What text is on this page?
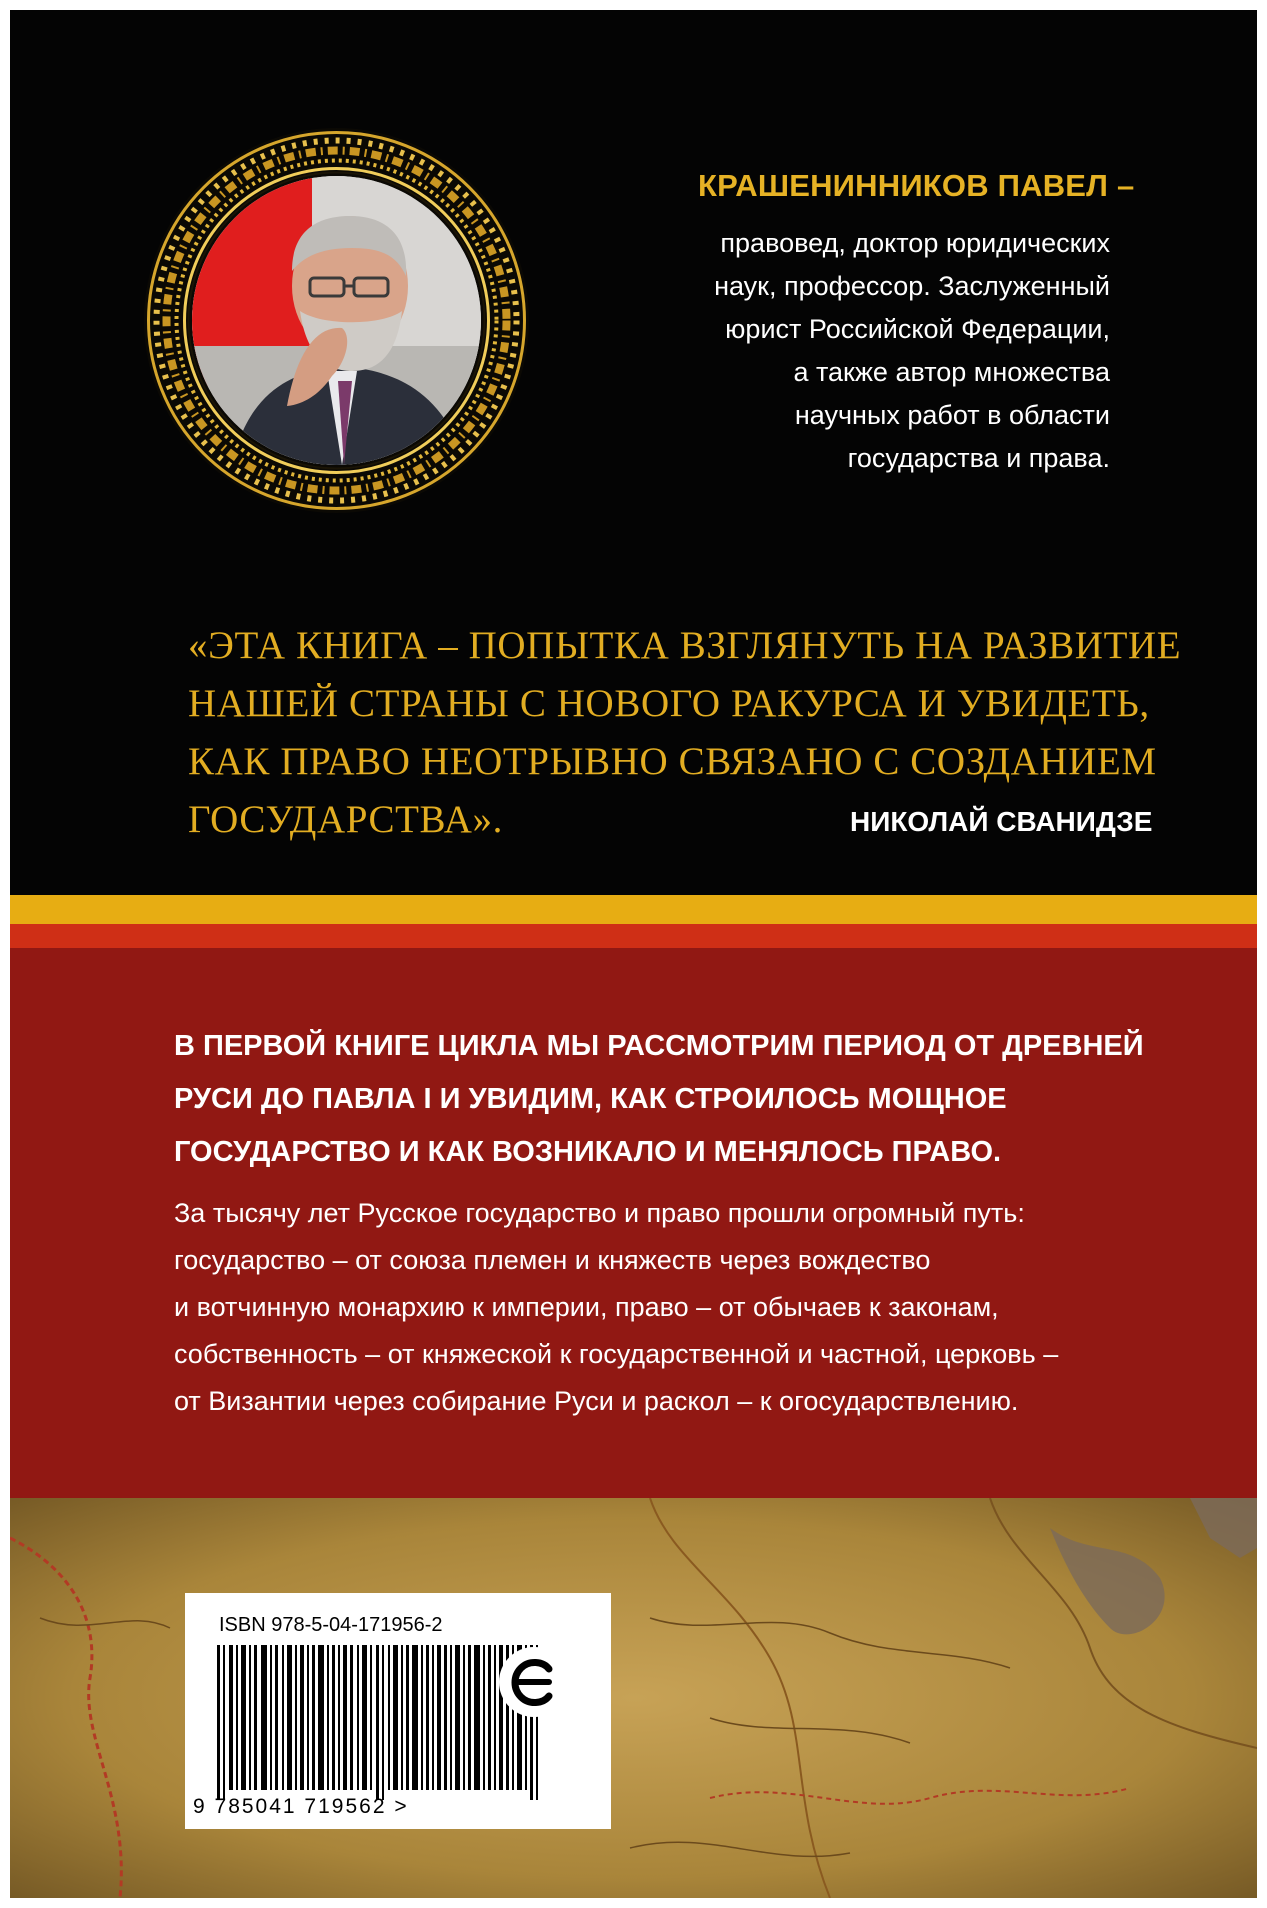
КРАШЕНИННИКОВ ПАВЕЛ –
правовед, доктор юридических
наук, профессор. Заслуженный
юрист Российской Федерации,
а также автор множества
научных работ в области
государства и права.
«ЭТА КНИГА – ПОПЫТКА ВЗГЛЯНУТЬ НА РАЗВИТИЕ
НАШЕЙ СТРАНЫ С НОВОГО РАКУРСА И УВИДЕТЬ,
КАК ПРАВО НЕОТРЫВНО СВЯЗАНО С СОЗДАНИЕМ
ГОСУДАРСТВА».	НИКОЛАЙ СВАНИДЗЕ
В ПЕРВОЙ КНИГЕ ЦИКЛА МЫ РАССМОТРИМ ПЕРИОД ОТ ДРЕВНЕЙ
РУСИ ДО ПАВЛА I И УВИДИМ, КАК СТРОИЛОСЬ МОЩНОЕ
ГОСУДАРСТВО И КАК ВОЗНИКАЛО И МЕНЯЛОСЬ ПРАВО.
За тысячу лет Русское государство и право прошли огромный путь:
государство – от союза племен и княжеств через вождество
и вотчинную монархию к империи, право – от обычаев к законам,
собственность – от княжеской к государственной и частной, церковь –
от Византии через собирание Руси и раскол – к огосударствлению.
ISBN 978-5-04-171956-2
9 785041 719562 >
